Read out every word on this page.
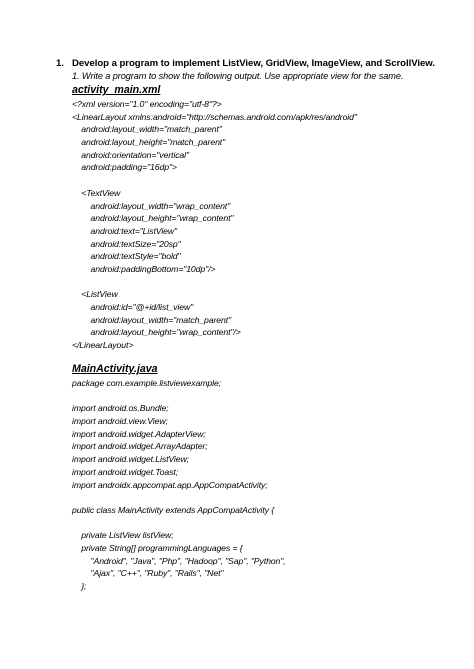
1. Develop a program to implement ListView, GridView, ImageView, and ScrollView.
1. Write a program to show the following output. Use appropriate view for the same.
activity_main.xml
<?xml version="1.0" encoding="utf-8"?>
<LinearLayout xmlns:android="http://schemas.android.com/apk/res/android"
android:layout_width="match_parent"
android:layout_height="match_parent"
android:orientation="vertical"
android:padding="16dp">
<TextView
android:layout_width="wrap_content"
android:layout_height="wrap_content"
android:text="ListView"
android:textSize="20sp"
android:textStyle="bold"
android:paddingBottom="10dp"/>
<ListView
android:id="@+id/list_view"
android:layout_width="match_parent"
android:layout_height="wrap_content"/>
</LinearLayout>
MainActivity.java
package com.example.listviewexample;
import android.os.Bundle;
import android.view.View;
import android.widget.AdapterView;
import android.widget.ArrayAdapter;
import android.widget.ListView;
import android.widget.Toast;
import androidx.appcompat.app.AppCompatActivity;
public class MainActivity extends AppCompatActivity {
private ListView listView;
private String[] programmingLanguages = {
"Android", "Java", "Php", "Hadoop", "Sap", "Python",
"Ajax", "C++", "Ruby", "Rails", "Net"
};
